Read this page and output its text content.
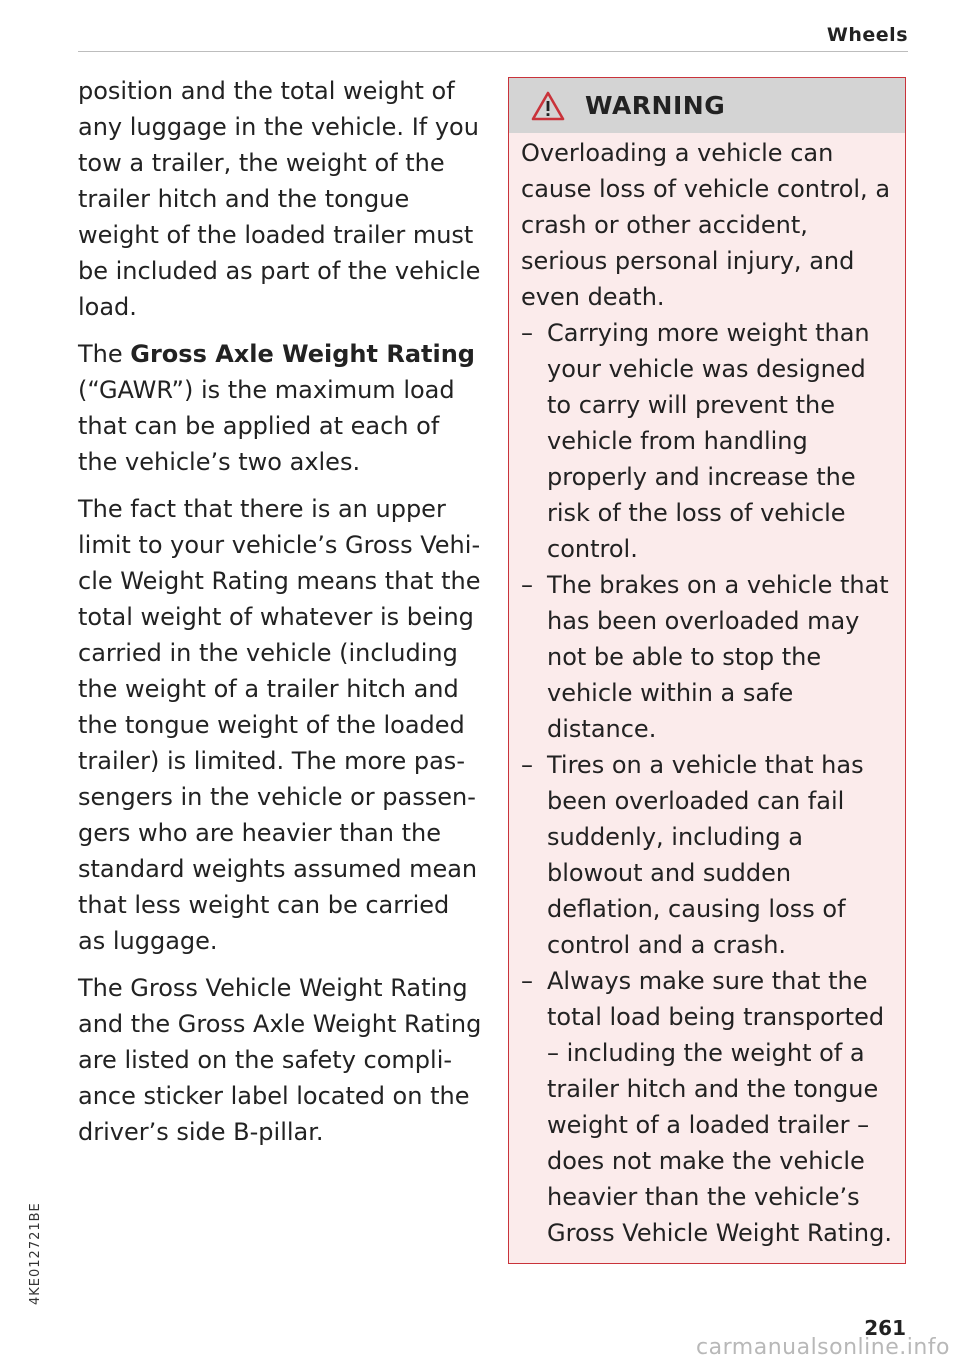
Wheels

position and the total weight of any luggage in the vehicle. If you tow a trailer, the weight of the trailer hitch and the tongue weight of the loaded trailer must be included as part of the vehicle load.

The Gross Axle Weight Rating (“GAWR”) is the maximum load that can be applied at each of the vehicle’s two axles.

The fact that there is an upper limit to your vehicle’s Gross Vehicle Weight Rating means that the total weight of whatever is being carried in the vehicle (including the weight of a trailer hitch and the tongue weight of the loaded trailer) is limited. The more passengers in the vehicle or passengers who are heavier than the standard weights assumed mean that less weight can be carried as luggage.

The Gross Vehicle Weight Rating and the Gross Axle Weight Rating are listed on the safety compliance sticker label located on the driver’s side B-pillar.

WARNING

Overloading a vehicle can cause loss of vehicle control, a crash or other accident, serious personal injury, and even death.

– Carrying more weight than your vehicle was designed to carry will prevent the vehicle from handling properly and increase the risk of the loss of vehicle control.
– The brakes on a vehicle that has been overloaded may not be able to stop the vehicle within a safe distance.
– Tires on a vehicle that has been overloaded can fail suddenly, including a blowout and sudden deflation, causing loss of control and a crash.
– Always make sure that the total load being transported – including the weight of a trailer hitch and the tongue weight of a loaded trailer – does not make the vehicle heavier than the vehicle’s Gross Vehicle Weight Rating.
4KE012721BE
261
carmanualsonline.info
